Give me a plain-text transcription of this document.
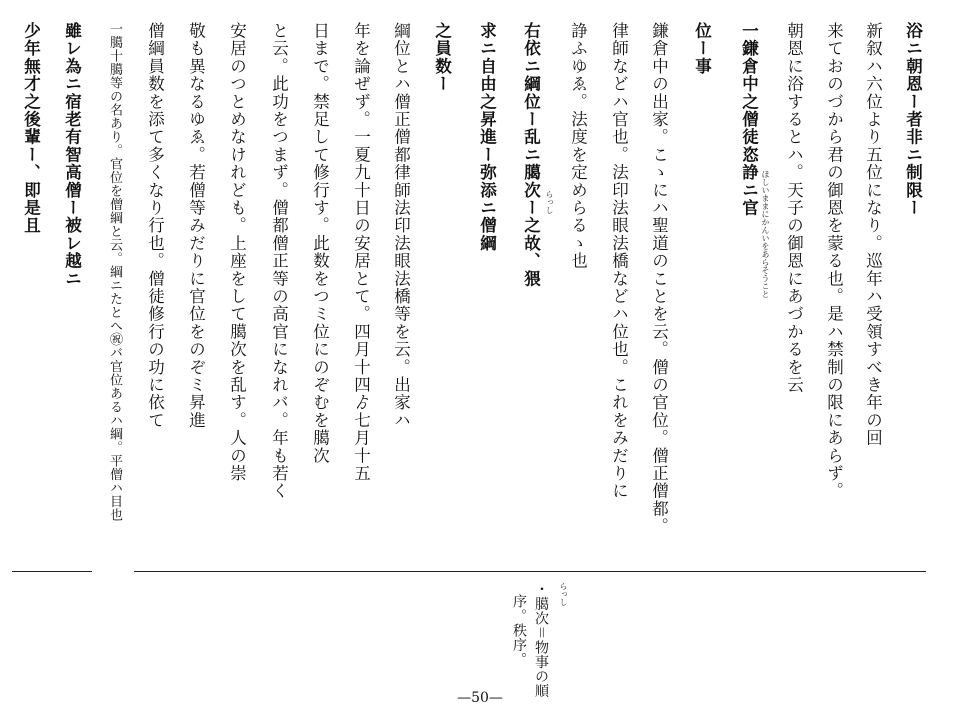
浴ニ朝恩ー者非ニ制限ー
新叙ハ六位より五位になり。巡年ハ受領すべき年の回
来ておのづから君の御恩を蒙る也。是ハ禁制の限にあらず。
朝恩に浴するとハ。天子の御恩にあづかるを云
一鎌倉中之僧徒恣諍ニ官
ほしいままにかんいをあらそうこと
位ー事
鎌倉中の出家。こゝにハ聖道のことを云。僧の官位。僧正僧都。
律師などハ官也。法印法眼法橋などハ位也。これをみだりに
諍ふゆゑ。法度を定めらるゝ也
右依ニ綱位ー乱ニ臈次ー之故、猥 らっし
求ニ自由之昇進ー弥添ニ僧綱
之員数ー
綱位とハ僧正僧都律師法印法眼法橋等を云。出家ハ
年を論ぜず。一夏九十日の安居とて。四月十四ゟ七月十五
日まで。禁足して修行す。此数をつミ位にのぞむを臈次
と云。此功をつまず。僧都僧正等の高官になれバ。年も若く
安居のつとめなけれども。上座をして臈次を乱す。人の崇
敬も異なるゆゑ。若僧等みだりに官位をのぞミ昇進
僧綱員数を添て多くなり行也。僧徒修行の功に依て
一臈十臈等の名あり。官位を僧綱と云。綱ニたとへ㊗バ官位あるハ綱。平僧ハ目也
雖レ為ニ宿老有智高僧ー被レ越ニ
少年無才之後輩ー、即是且
らっし
・臈次＝物事の順
序。秩序。
—50—
